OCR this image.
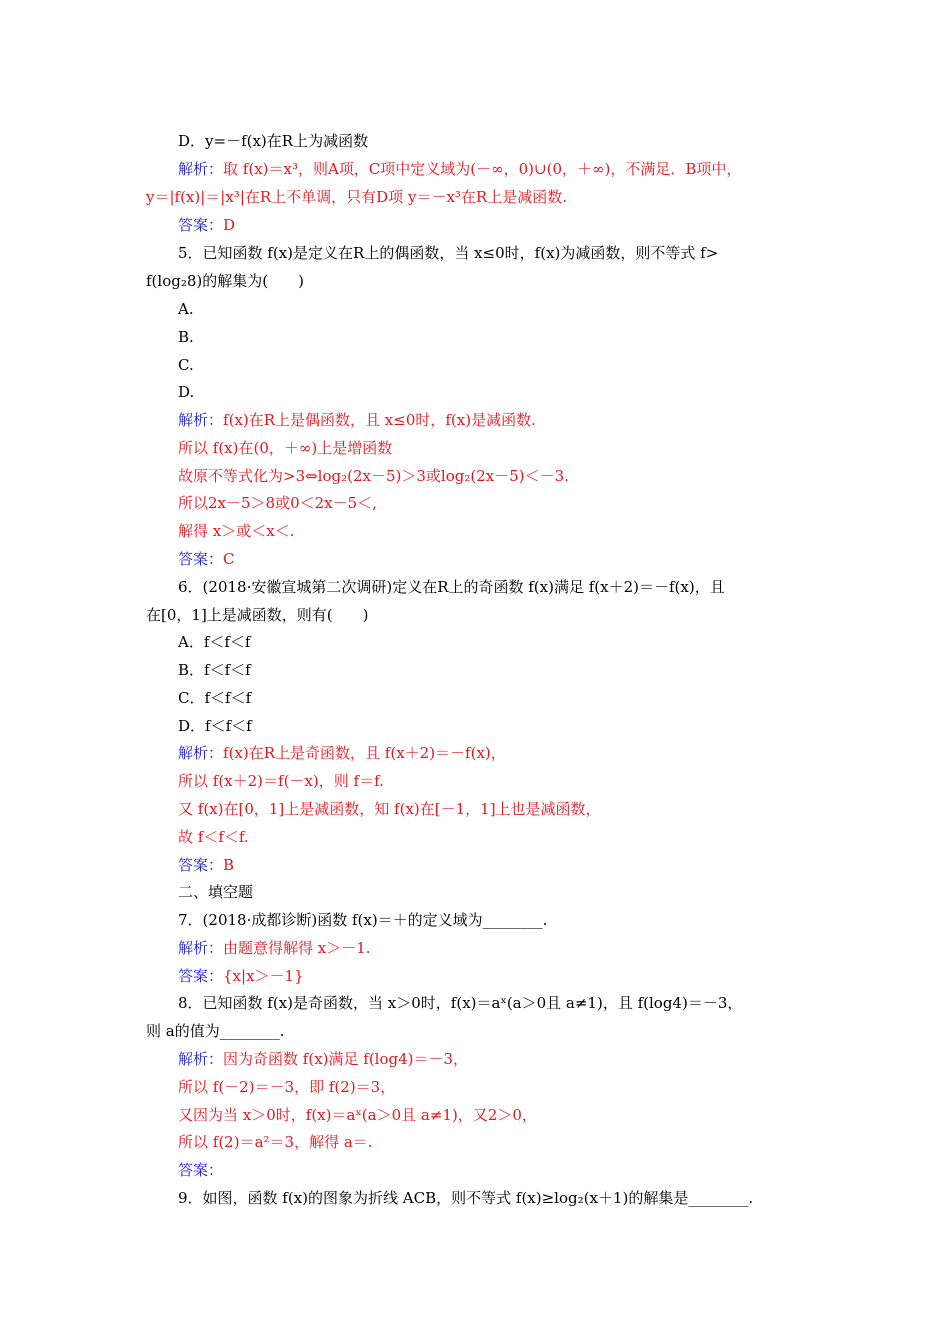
D．y=－f(x)在R上为减函数
解析：取 f(x)＝x³，则A项，C项中定义域为(－∞，0)∪(0，＋∞)，不满足．B项中，
y＝|f(x)|＝|x³|在R上不单调，只有D项 y＝－x³在R上是减函数.
答案：D
5．已知函数 f(x)是定义在R上的偶函数，当 x≤0时，f(x)为减函数，则不等式 f>
f(log₂8)的解集为(　　)
A.
B.
C.
D.
解析：f(x)在R上是偶函数，且 x≤0时，f(x)是减函数.
所以 f(x)在(0，＋∞)上是增函数
故原不等式化为>3⇔log₂(2x－5)＞3或log₂(2x－5)＜－3.
所以2x－5＞8或0＜2x－5＜,
解得 x＞或＜x＜.
答案：C
6．(2018·安徽宣城第二次调研)定义在R上的奇函数 f(x)满足 f(x＋2)＝－f(x)，且
在[0，1]上是减函数，则有(　　)
A．f＜f＜f
B．f＜f＜f
C．f＜f＜f
D．f＜f＜f
解析：f(x)在R上是奇函数，且 f(x＋2)＝－f(x)，
所以 f(x＋2)＝f(－x)，则 f＝f.
又 f(x)在[0，1]上是减函数，知 f(x)在[－1，1]上也是减函数，
故 f＜f＜f.
答案：B
二、填空题
7．(2018·成都诊断)函数 f(x)＝＋的定义域为________.
解析：由题意得解得 x＞－1.
答案：{x|x＞－1}
8．已知函数 f(x)是奇函数，当 x＞0时，f(x)＝aˣ(a＞0且 a≠1)，且 f(log4)＝－3，
则 a的值为________.
解析：因为奇函数 f(x)满足 f(log4)＝－3，
所以 f(－2)＝－3，即 f(2)＝3，
又因为当 x＞0时，f(x)＝aˣ(a＞0且 a≠1)，又2＞0，
所以 f(2)＝a²＝3，解得 a＝.
答案：
9．如图，函数 f(x)的图象为折线 ACB，则不等式 f(x)≥log₂(x＋1)的解集是________.
